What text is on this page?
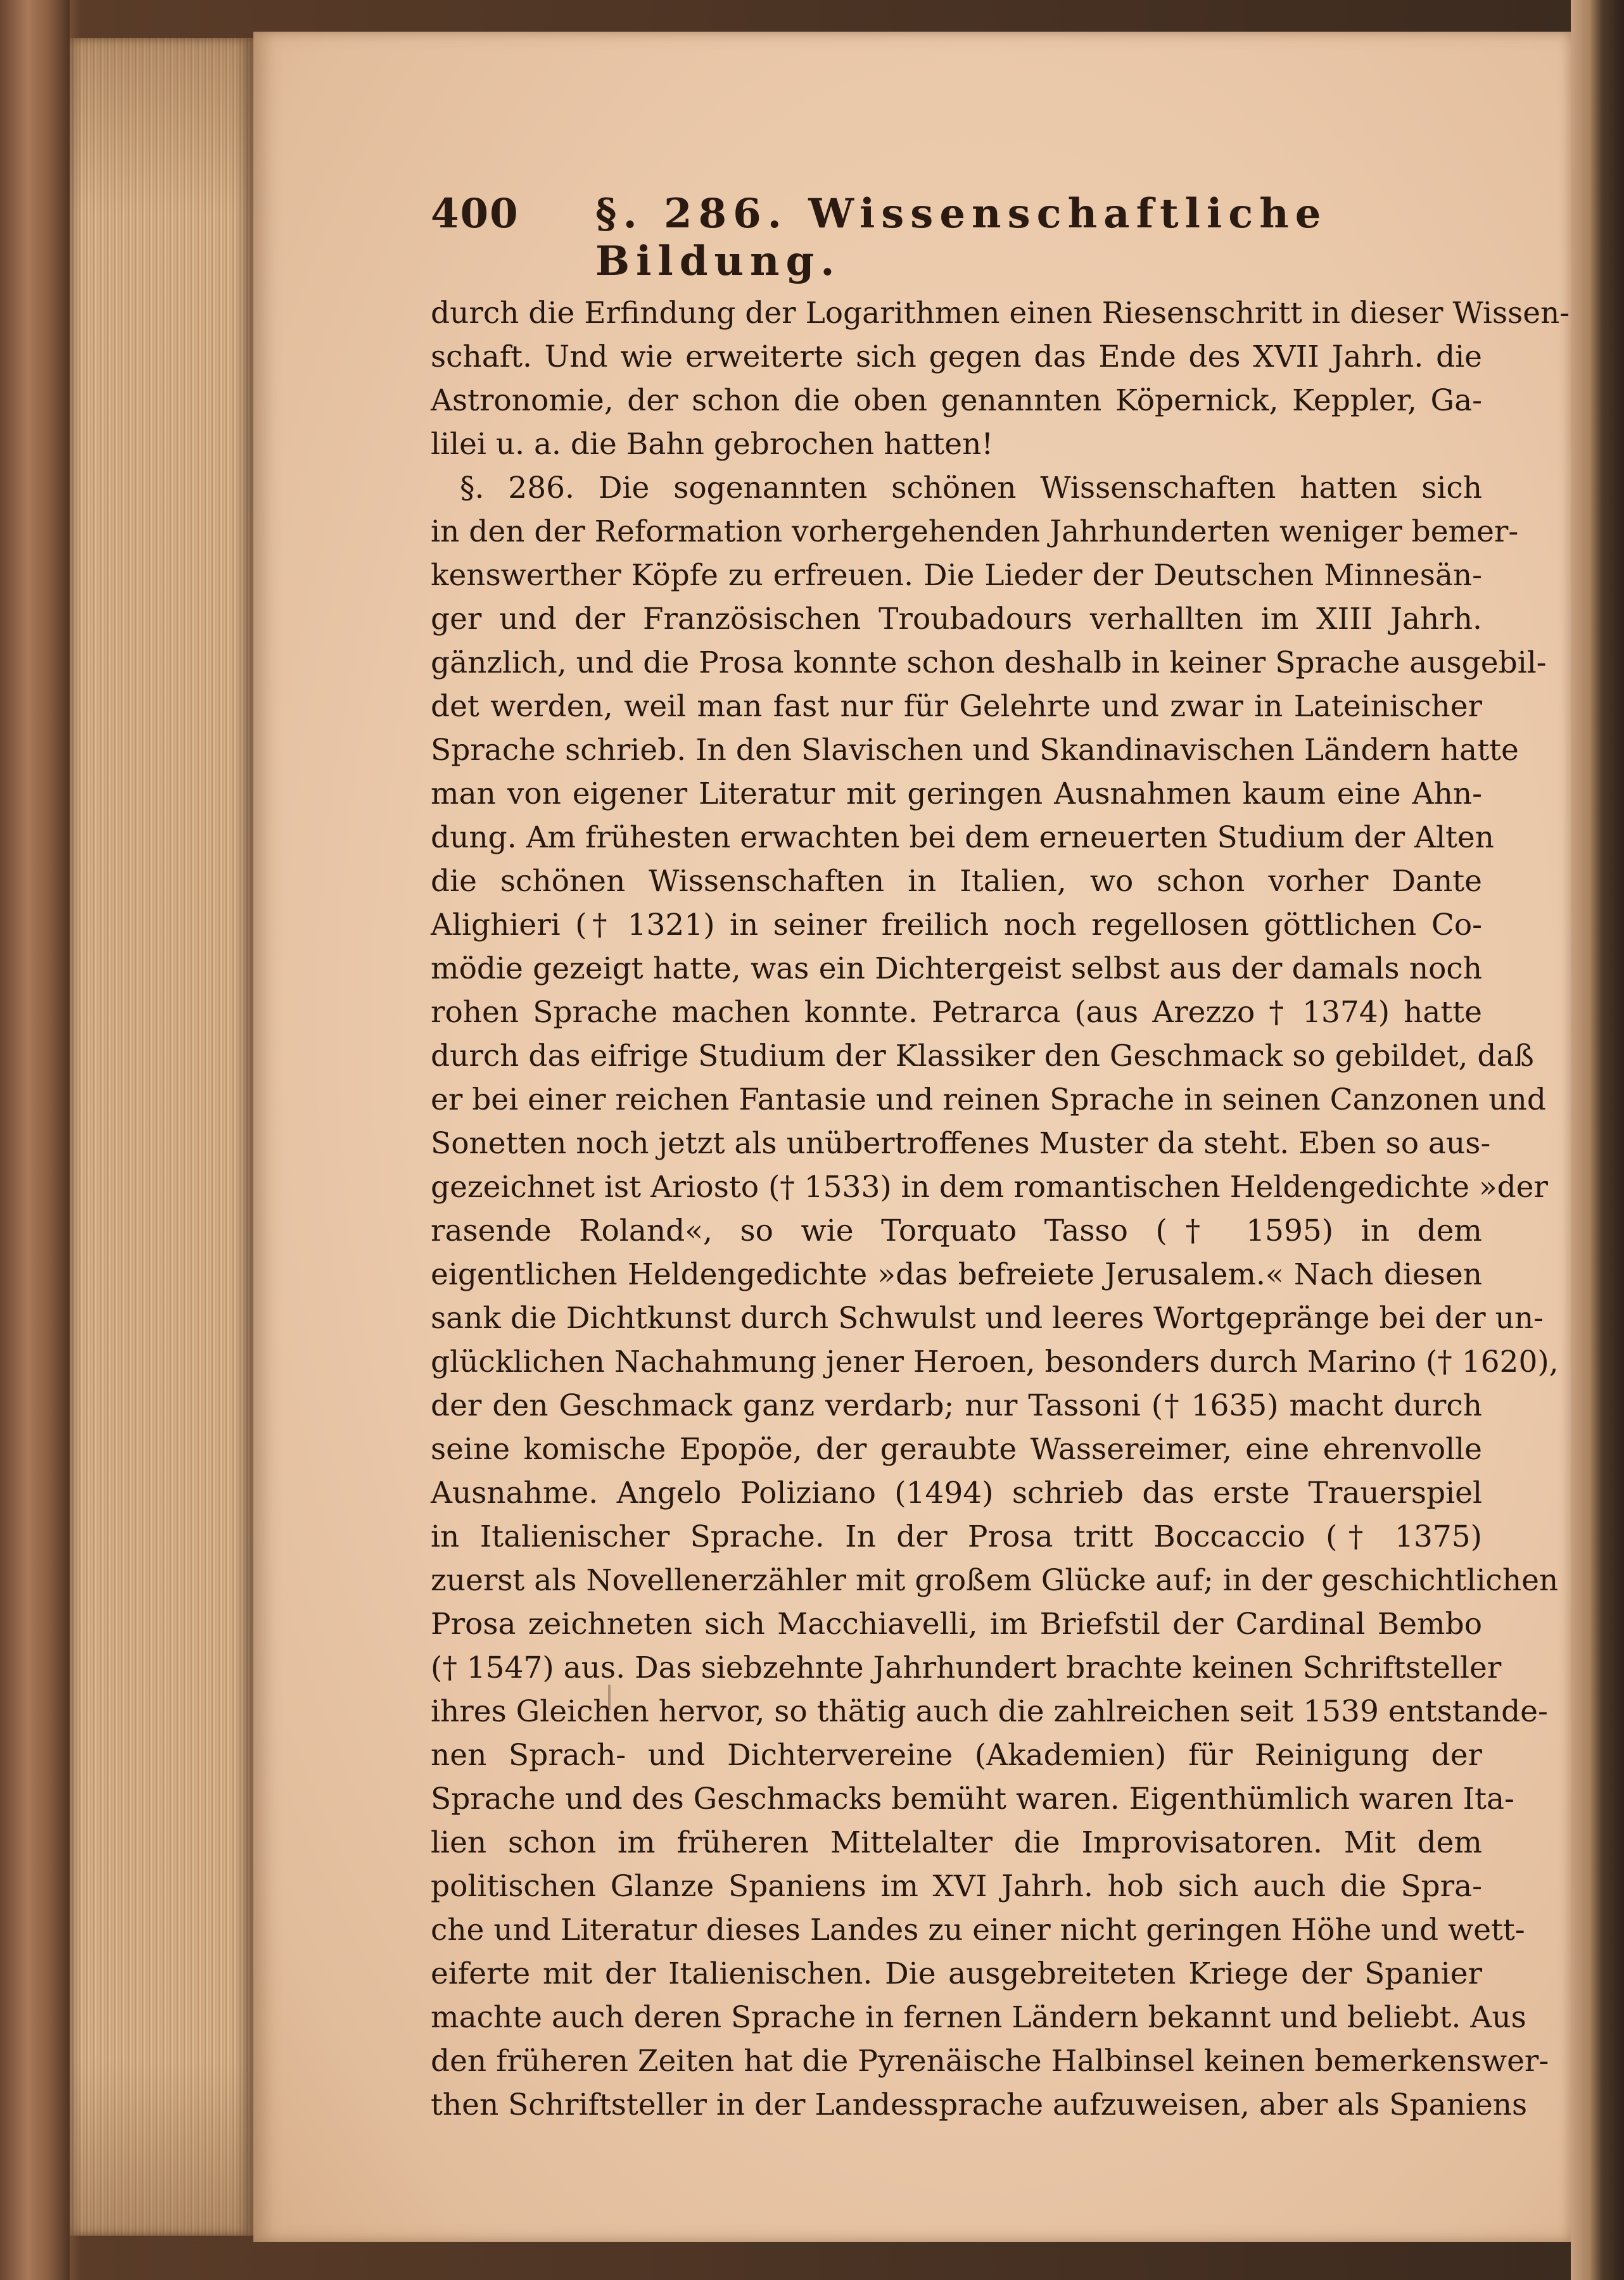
400 §. 286. Wissenschaftliche Bildung.
durch die Erfindung der Logarithmen einen Riesenschritt in dieser Wissen-
schaft. Und wie erweiterte sich gegen das Ende des XVII Jahrh. die
Astronomie, der schon die oben genannten Köpernick, Keppler, Ga-
lilei u. a. die Bahn gebrochen hatten!
§. 286. Die sogenannten schönen Wissenschaften hatten sich
in den der Reformation vorhergehenden Jahrhunderten weniger bemer-
kenswerther Köpfe zu erfreuen. Die Lieder der Deutschen Minnesän-
ger und der Französischen Troubadours verhallten im XIII Jahrh.
gänzlich, und die Prosa konnte schon deshalb in keiner Sprache ausgebil-
det werden, weil man fast nur für Gelehrte und zwar in Lateinischer
Sprache schrieb. In den Slavischen und Skandinavischen Ländern hatte
man von eigener Literatur mit geringen Ausnahmen kaum eine Ahn-
dung. Am frühesten erwachten bei dem erneuerten Studium der Alten
die schönen Wissenschaften in Italien, wo schon vorher Dante
Alighieri († 1321) in seiner freilich noch regellosen göttlichen Co-
mödie gezeigt hatte, was ein Dichtergeist selbst aus der damals noch
rohen Sprache machen konnte. Petrarca (aus Arezzo † 1374) hatte
durch das eifrige Studium der Klassiker den Geschmack so gebildet, daß
er bei einer reichen Fantasie und reinen Sprache in seinen Canzonen und
Sonetten noch jetzt als unübertroffenes Muster da steht. Eben so aus-
gezeichnet ist Ariosto († 1533) in dem romantischen Heldengedichte »der
rasende Roland«, so wie Torquato Tasso († 1595) in dem
eigentlichen Heldengedichte »das befreiete Jerusalem.« Nach diesen
sank die Dichtkunst durch Schwulst und leeres Wortgepränge bei der un-
glücklichen Nachahmung jener Heroen, besonders durch Marino († 1620),
der den Geschmack ganz verdarb; nur Tassoni († 1635) macht durch
seine komische Epopöe, der geraubte Wassereimer, eine ehrenvolle
Ausnahme. Angelo Poliziano (1494) schrieb das erste Trauerspiel
in Italienischer Sprache. In der Prosa tritt Boccaccio († 1375)
zuerst als Novellenerzähler mit großem Glücke auf; in der geschichtlichen
Prosa zeichneten sich Macchiavelli, im Briefstil der Cardinal Bembo
(† 1547) aus. Das siebzehnte Jahrhundert brachte keinen Schriftsteller
ihres Gleichen hervor, so thätig auch die zahlreichen seit 1539 entstande-
nen Sprach- und Dichtervereine (Akademien) für Reinigung der
Sprache und des Geschmacks bemüht waren. Eigenthümlich waren Ita-
lien schon im früheren Mittelalter die Improvisatoren. Mit dem
politischen Glanze Spaniens im XVI Jahrh. hob sich auch die Spra-
che und Literatur dieses Landes zu einer nicht geringen Höhe und wett-
eiferte mit der Italienischen. Die ausgebreiteten Kriege der Spanier
machte auch deren Sprache in fernen Ländern bekannt und beliebt. Aus
den früheren Zeiten hat die Pyrenäische Halbinsel keinen bemerkenswer-
then Schriftsteller in der Landessprache aufzuweisen, aber als Spaniens
